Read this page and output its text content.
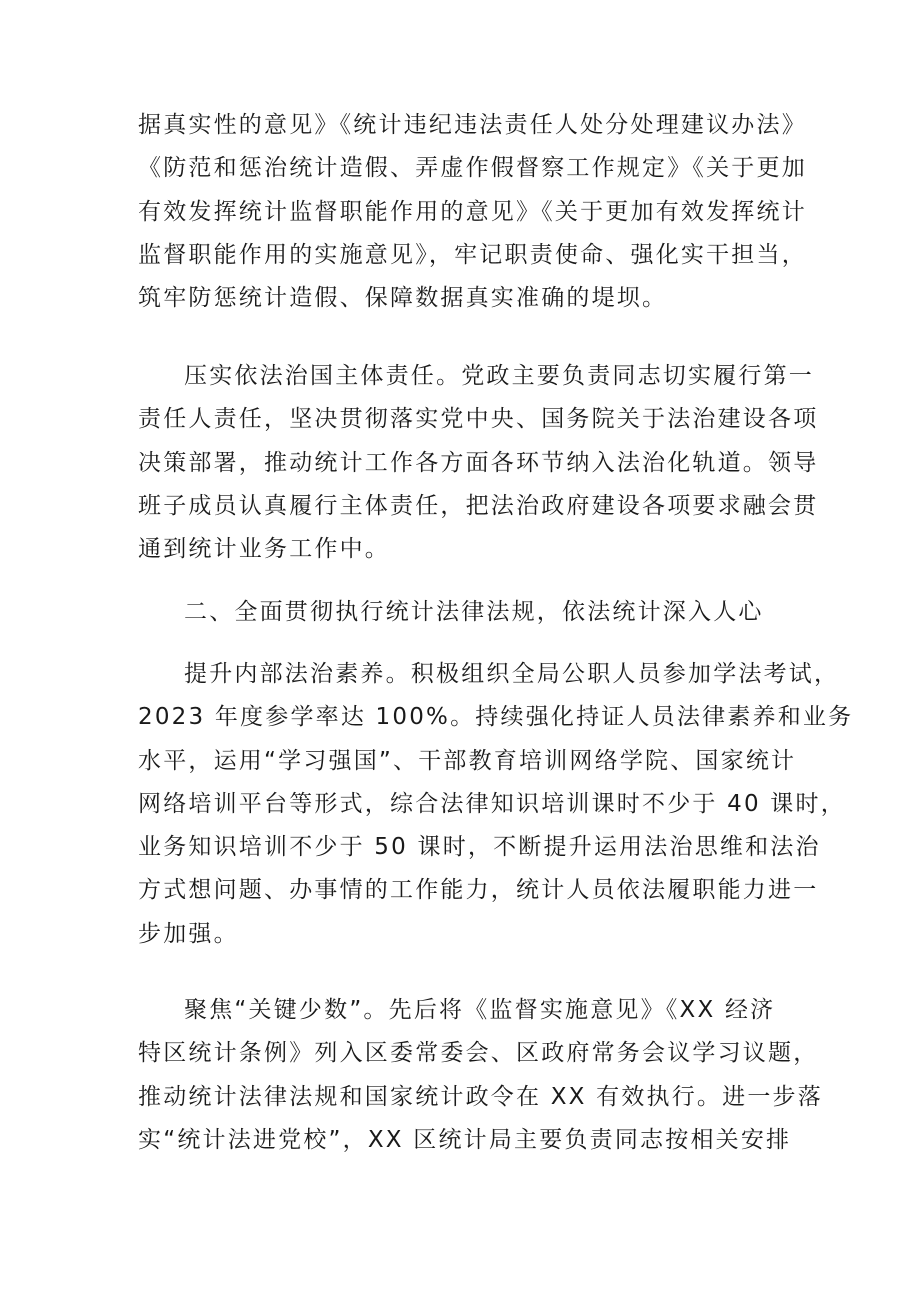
据真实性的意见》《统计违纪违法责任人处分处理建议办法》
《防范和惩治统计造假、弄虚作假督察工作规定》《关于更加
有效发挥统计监督职能作用的意见》《关于更加有效发挥统计
监督职能作用的实施意见》，牢记职责使命、强化实干担当，
筑牢防惩统计造假、保障数据真实准确的堤坝。
压实依法治国主体责任。党政主要负责同志切实履行第一
责任人责任，坚决贯彻落实党中央、国务院关于法治建设各项
决策部署，推动统计工作各方面各环节纳入法治化轨道。领导
班子成员认真履行主体责任，把法治政府建设各项要求融会贯
通到统计业务工作中。
二、全面贯彻执行统计法律法规，依法统计深入人心
提升内部法治素养。积极组织全局公职人员参加学法考试，
2023 年度参学率达 100%。持续强化持证人员法律素养和业务
水平，运用“学习强国”、干部教育培训网络学院、国家统计
网络培训平台等形式，综合法律知识培训课时不少于 40 课时，
业务知识培训不少于 50 课时，不断提升运用法治思维和法治
方式想问题、办事情的工作能力，统计人员依法履职能力进一
步加强。
聚焦“关键少数”。先后将《监督实施意见》《XX 经济
特区统计条例》列入区委常委会、区政府常务会议学习议题，
推动统计法律法规和国家统计政令在 XX 有效执行。进一步落
实“统计法进党校”，XX 区统计局主要负责同志按相关安排
